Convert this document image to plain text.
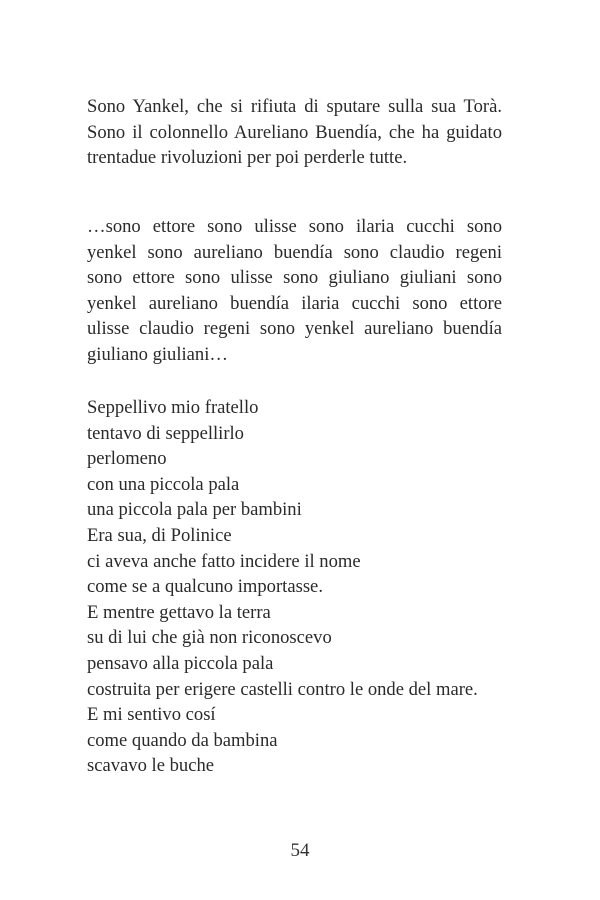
Sono Yankel, che si rifiuta di sputare sulla sua Torà. Sono il colonnello Aureliano Buendía, che ha guidato trentadue rivoluzioni per poi perderle tutte.

…sono ettore sono ulisse sono ilaria cucchi sono yenkel sono aureliano buendía sono claudio regeni sono ettore sono ulisse sono giuliano giuliani sono yenkel aureliano buendía ilaria cucchi sono ettore ulisse claudio regeni sono yenkel aureliano buendía giuliano giuliani…

Seppellivo mio fratello
tentavo di seppellirlo
perlomeno
con una piccola pala
una piccola pala per bambini
Era sua, di Polinice
ci aveva anche fatto incidere il nome
come se a qualcuno importasse.
E mentre gettavo la terra
su di lui che già non riconoscevo
pensavo alla piccola pala
costruita per erigere castelli contro le onde del mare.
E mi sentivo cosí
come quando da bambina
scavavo le buche
54
